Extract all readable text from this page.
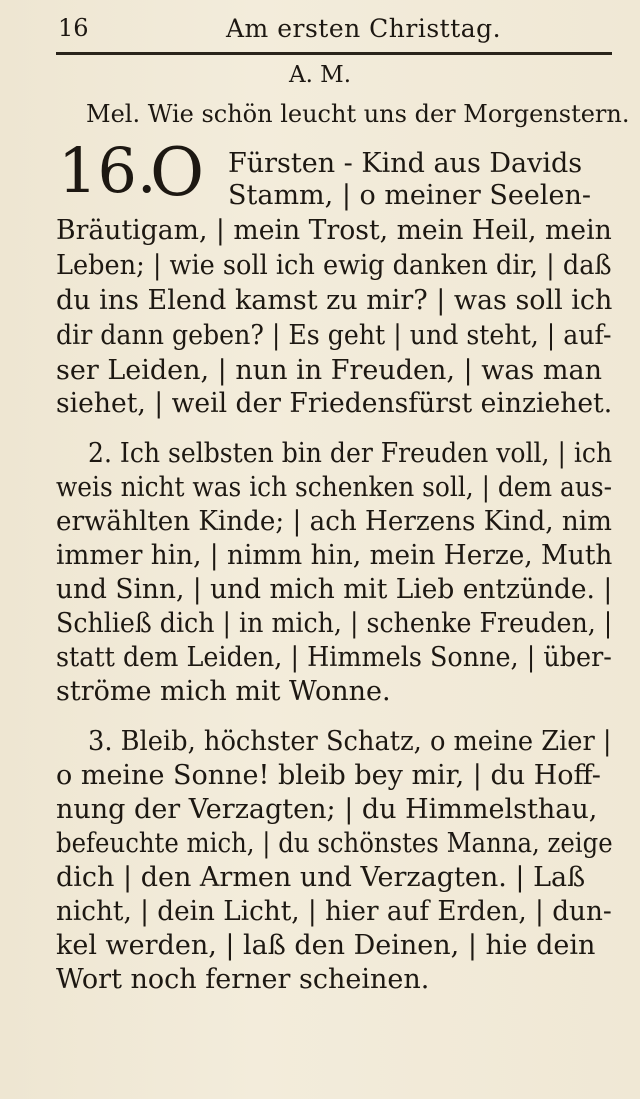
16	Am ersten Christtag.
A. M.
Mel. Wie schön leucht uns der Morgenstern.
16.
O Fürsten - Kind aus Davids
Stamm, | o meiner Seelen-
Bräutigam, | mein Trost, mein Heil, mein
Leben; | wie soll ich ewig danken dir, | daß
du ins Elend kamst zu mir? | was soll ich
dir dann geben? | Es geht | und steht, | auf-
ser Leiden, | nun in Freuden, | was man
siehet, | weil der Friedensfürst einziehet.
2. Ich selbsten bin der Freuden voll, | ich
weis nicht was ich schenken soll, | dem aus-
erwählten Kinde; | ach Herzens Kind, nim
immer hin, | nimm hin, mein Herze, Muth
und Sinn, | und mich mit Lieb entzünde. |
Schließ dich | in mich, | schenke Freuden, |
statt dem Leiden, | Himmels Sonne, | über-
ströme mich mit Wonne.
3. Bleib, höchster Schatz, o meine Zier |
o meine Sonne! bleib bey mir, | du Hoff-
nung der Verzagten; | du Himmelsthau,
befeuchte mich, | du schönstes Manna, zeige
dich | den Armen und Verzagten. | Laß
nicht, | dein Licht, | hier auf Erden, | dun-
kel werden, | laß den Deinen, | hie dein
Wort noch ferner scheinen.
